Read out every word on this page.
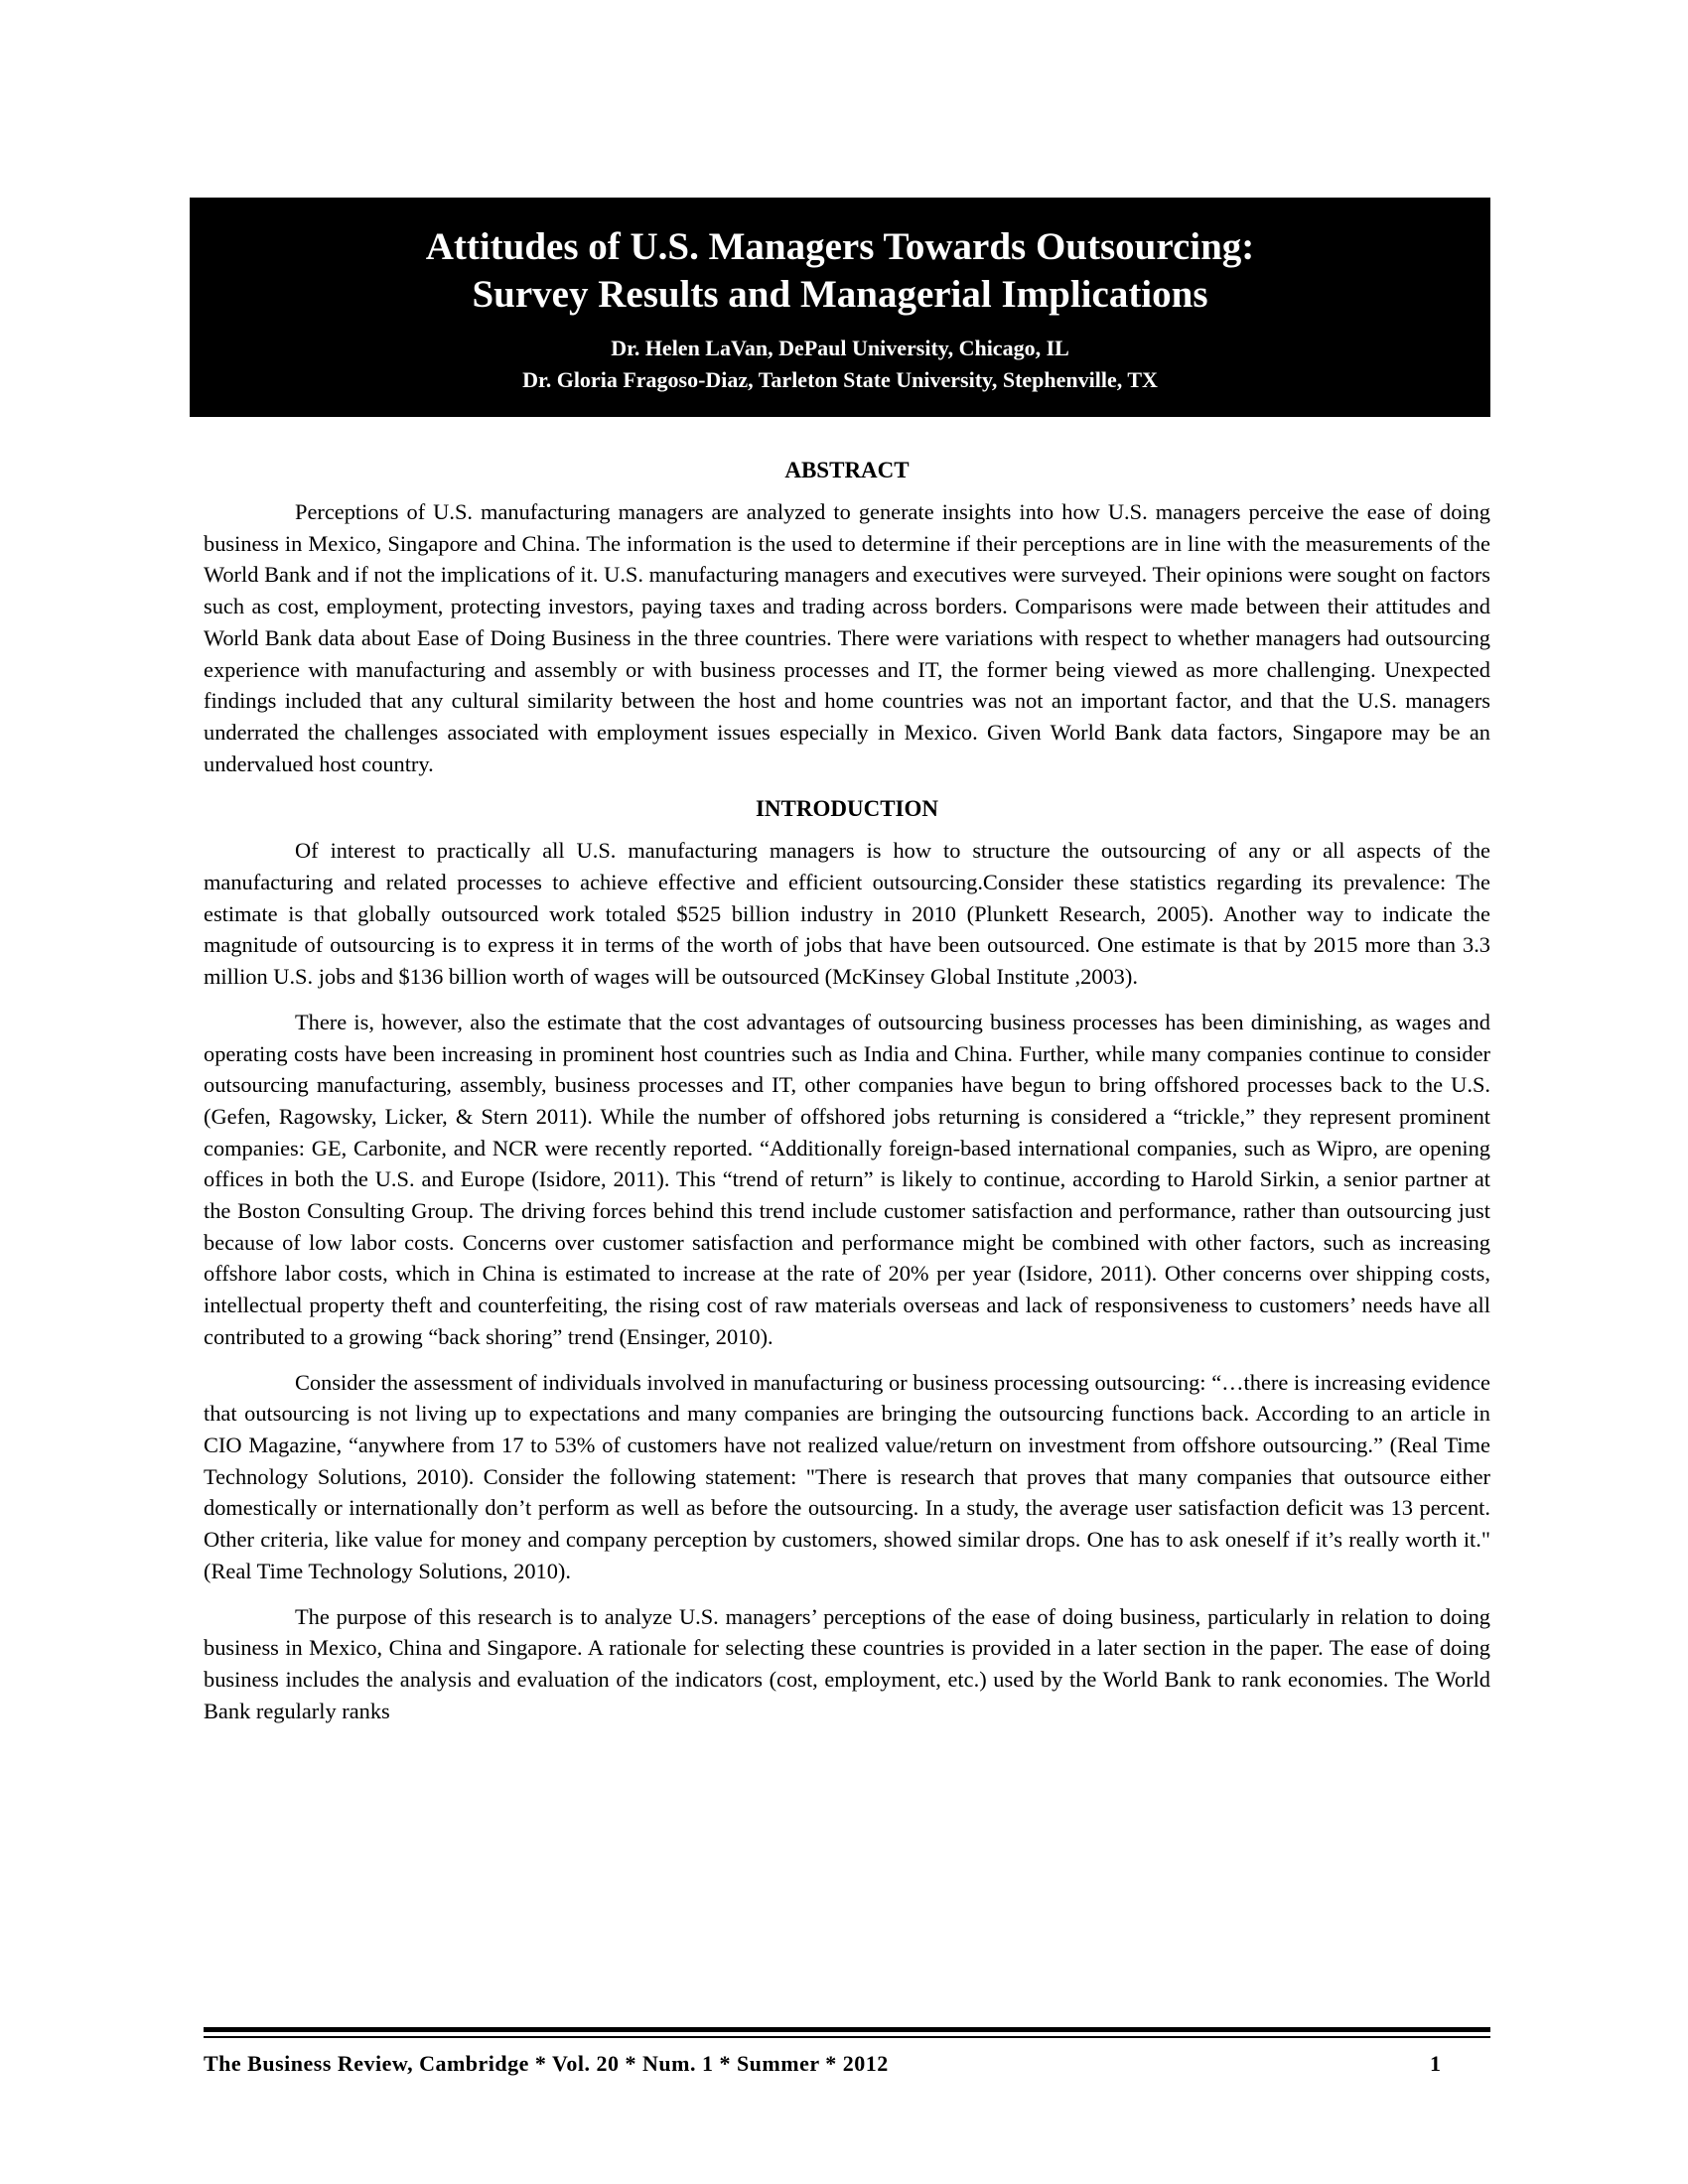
Attitudes of U.S. Managers Towards Outsourcing:
Survey Results and Managerial Implications
Dr. Helen LaVan, DePaul University, Chicago, IL
Dr. Gloria Fragoso-Diaz, Tarleton State University, Stephenville, TX
ABSTRACT

Perceptions of U.S. manufacturing managers are analyzed to generate insights into how U.S. managers perceive the ease of doing business in Mexico, Singapore and China. The information is the used to determine if their perceptions are in line with the measurements of the World Bank and if not the implications of it. U.S. manufacturing managers and executives were surveyed. Their opinions were sought on factors such as cost, employment, protecting investors, paying taxes and trading across borders. Comparisons were made between their attitudes and World Bank data about Ease of Doing Business in the three countries. There were variations with respect to whether managers had outsourcing experience with manufacturing and assembly or with business processes and IT, the former being viewed as more challenging. Unexpected findings included that any cultural similarity between the host and home countries was not an important factor, and that the U.S. managers underrated the challenges associated with employment issues especially in Mexico. Given World Bank data factors, Singapore may be an undervalued host country.

INTRODUCTION

Of interest to practically all U.S. manufacturing managers is how to structure the outsourcing of any or all aspects of the manufacturing and related processes to achieve effective and efficient outsourcing.Consider these statistics regarding its prevalence: The estimate is that globally outsourced work totaled $525 billion industry in 2010 (Plunkett Research, 2005). Another way to indicate the magnitude of outsourcing is to express it in terms of the worth of jobs that have been outsourced. One estimate is that by 2015 more than 3.3 million U.S. jobs and $136 billion worth of wages will be outsourced (McKinsey Global Institute ,2003).

There is, however, also the estimate that the cost advantages of outsourcing business processes has been diminishing, as wages and operating costs have been increasing in prominent host countries such as India and China. Further, while many companies continue to consider outsourcing manufacturing, assembly, business processes and IT, other companies have begun to bring offshored processes back to the U.S. (Gefen, Ragowsky, Licker, & Stern 2011). While the number of offshored jobs returning is considered a “trickle,” they represent prominent companies: GE, Carbonite, and NCR were recently reported. “Additionally foreign-based international companies, such as Wipro, are opening offices in both the U.S. and Europe (Isidore, 2011). This “trend of return” is likely to continue, according to Harold Sirkin, a senior partner at the Boston Consulting Group. The driving forces behind this trend include customer satisfaction and performance, rather than outsourcing just because of low labor costs. Concerns over customer satisfaction and performance might be combined with other factors, such as increasing offshore labor costs, which in China is estimated to increase at the rate of 20% per year (Isidore, 2011). Other concerns over shipping costs, intellectual property theft and counterfeiting, the rising cost of raw materials overseas and lack of responsiveness to customers’ needs have all contributed to a growing “back shoring” trend (Ensinger, 2010).

Consider the assessment of individuals involved in manufacturing or business processing outsourcing: “…there is increasing evidence that outsourcing is not living up to expectations and many companies are bringing the outsourcing functions back. According to an article in CIO Magazine, “anywhere from 17 to 53% of customers have not realized value/return on investment from offshore outsourcing.” (Real Time Technology Solutions, 2010). Consider the following statement: "There is research that proves that many companies that outsource either domestically or internationally don’t perform as well as before the outsourcing. In a study, the average user satisfaction deficit was 13 percent. Other criteria, like value for money and company perception by customers, showed similar drops. One has to ask oneself if it’s really worth it." (Real Time Technology Solutions, 2010).

The purpose of this research is to analyze U.S. managers’ perceptions of the ease of doing business, particularly in relation to doing business in Mexico, China and Singapore. A rationale for selecting these countries is provided in a later section in the paper. The ease of doing business includes the analysis and evaluation of the indicators (cost, employment, etc.) used by the World Bank to rank economies. The World Bank regularly ranks

The Business Review, Cambridge * Vol. 20 * Num. 1 * Summer * 2012	1
